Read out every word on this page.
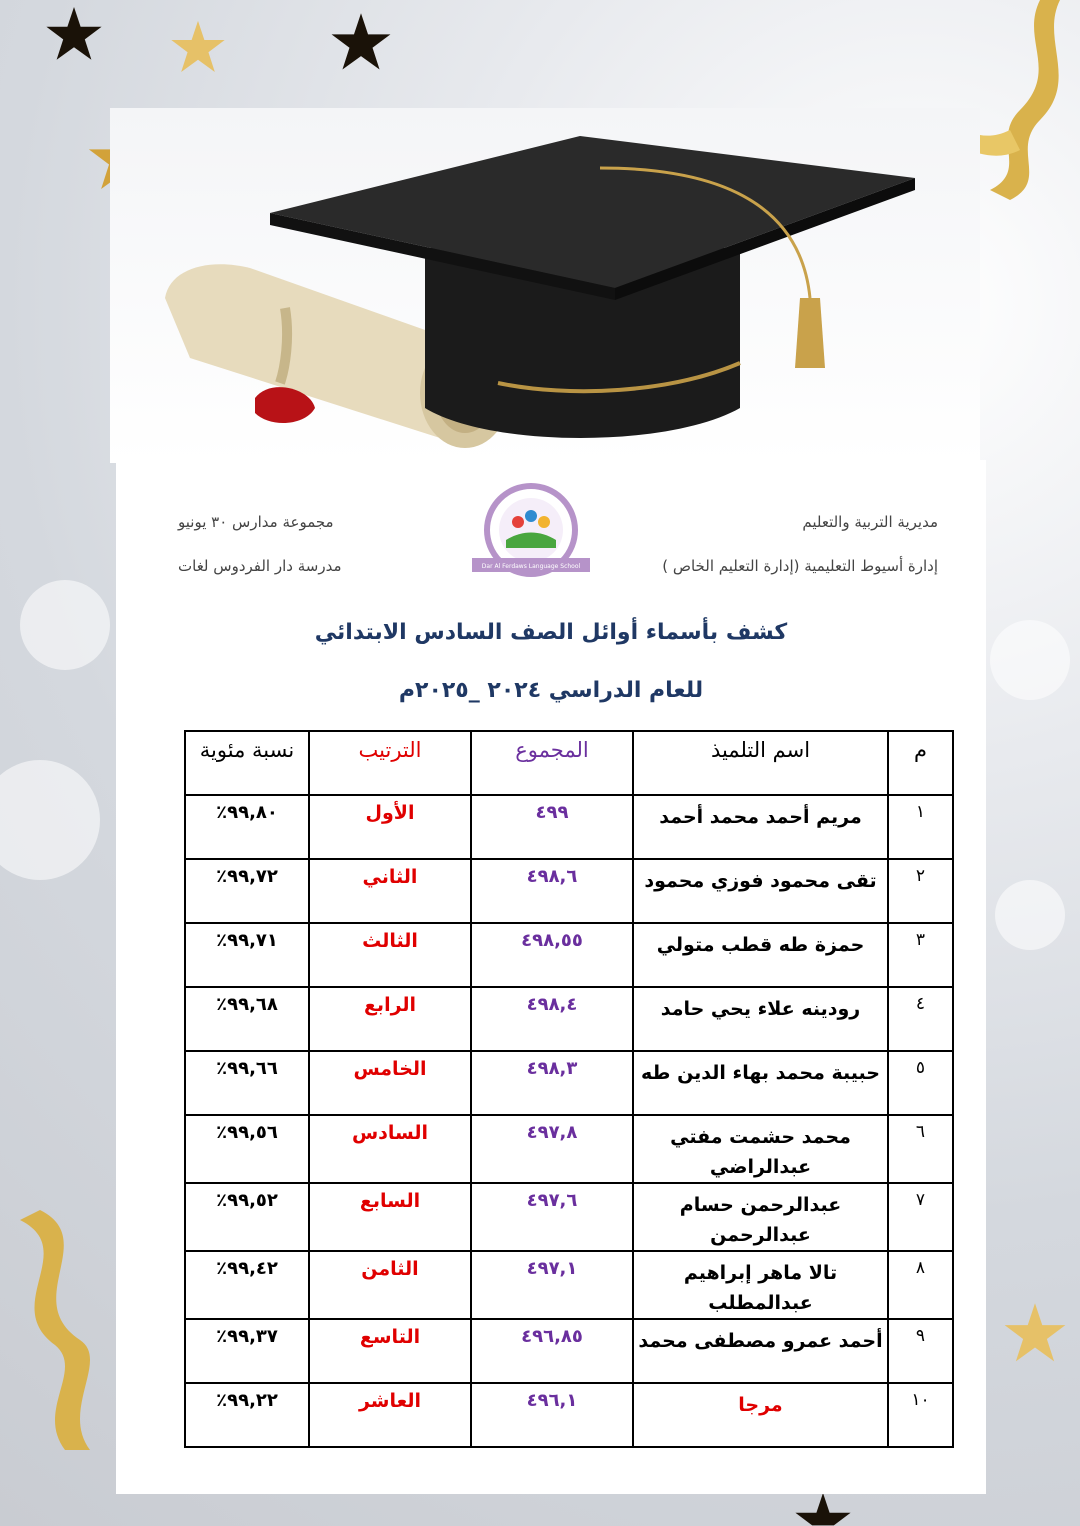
مديرية التربية والتعليم
إدارة أسيوط التعليمية (إدارة التعليم الخاص )
مجموعة مدارس ٣٠ يونيو
مدرسة دار الفردوس لغات	Dar Al Ferdaws Language School
كشف بأسماء أوائل الصف السادس الابتدائي
للعام الدراسي ٢٠٢٤ _٢٠٢٥م
م	اسم التلميذ	المجموع	الترتيب	نسبة مئوية
١	مريم أحمد محمد أحمد	٤٩٩	الأول	٩٩,٨٠٪
٢	تقى محمود فوزي محمود	٤٩٨,٦	الثاني	٩٩,٧٢٪
٣	حمزة طه قطب متولي	٤٩٨,٥٥	الثالث	٩٩,٧١٪
٤	رودينه علاء يحي حامد	٤٩٨,٤	الرابع	٩٩,٦٨٪
٥	حبيبة محمد بهاء الدين طه	٤٩٨,٣	الخامس	٩٩,٦٦٪
٦	محمد حشمت مفتي عبدالراضي	٤٩٧,٨	السادس	٩٩,٥٦٪
٧	عبدالرحمن حسام عبدالرحمن	٤٩٧,٦	السابع	٩٩,٥٢٪
٨	تالا ماهر إبراهيم عبدالمطلب	٤٩٧,١	الثامن	٩٩,٤٢٪
٩	أحمد عمرو مصطفى محمد	٤٩٦,٨٥	التاسع	٩٩,٣٧٪
١٠	مرجا	٤٩٦,١	العاشر	٩٩,٢٢٪
